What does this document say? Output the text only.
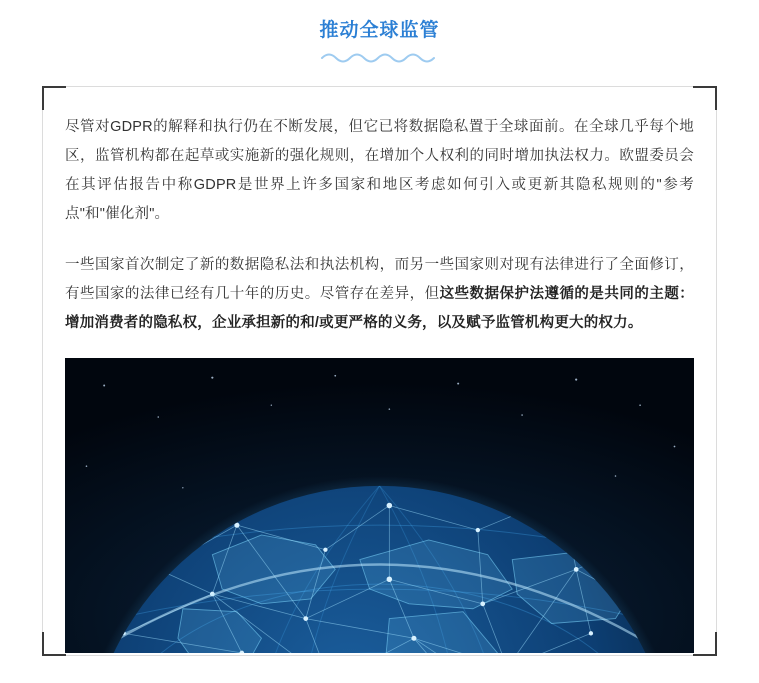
推动全球监管

尽管对GDPR的解释和执行仍在不断发展，但它已将数据隐私置于全球面前。在全球几乎每个地区，监管机构都在起草或实施新的强化规则，在增加个人权利的同时增加执法权力。欧盟委员会在其评估报告中称GDPR是世界上许多国家和地区考虑如何引入或更新其隐私规则的"参考点"和"催化剂"。

一些国家首次制定了新的数据隐私法和执法机构，而另一些国家则对现有法律进行了全面修订，有些国家的法律已经有几十年的历史。尽管存在差异，但这些数据保护法遵循的是共同的主题：增加消费者的隐私权，企业承担新的和/或更严格的义务，以及赋予监管机构更大的权力。
